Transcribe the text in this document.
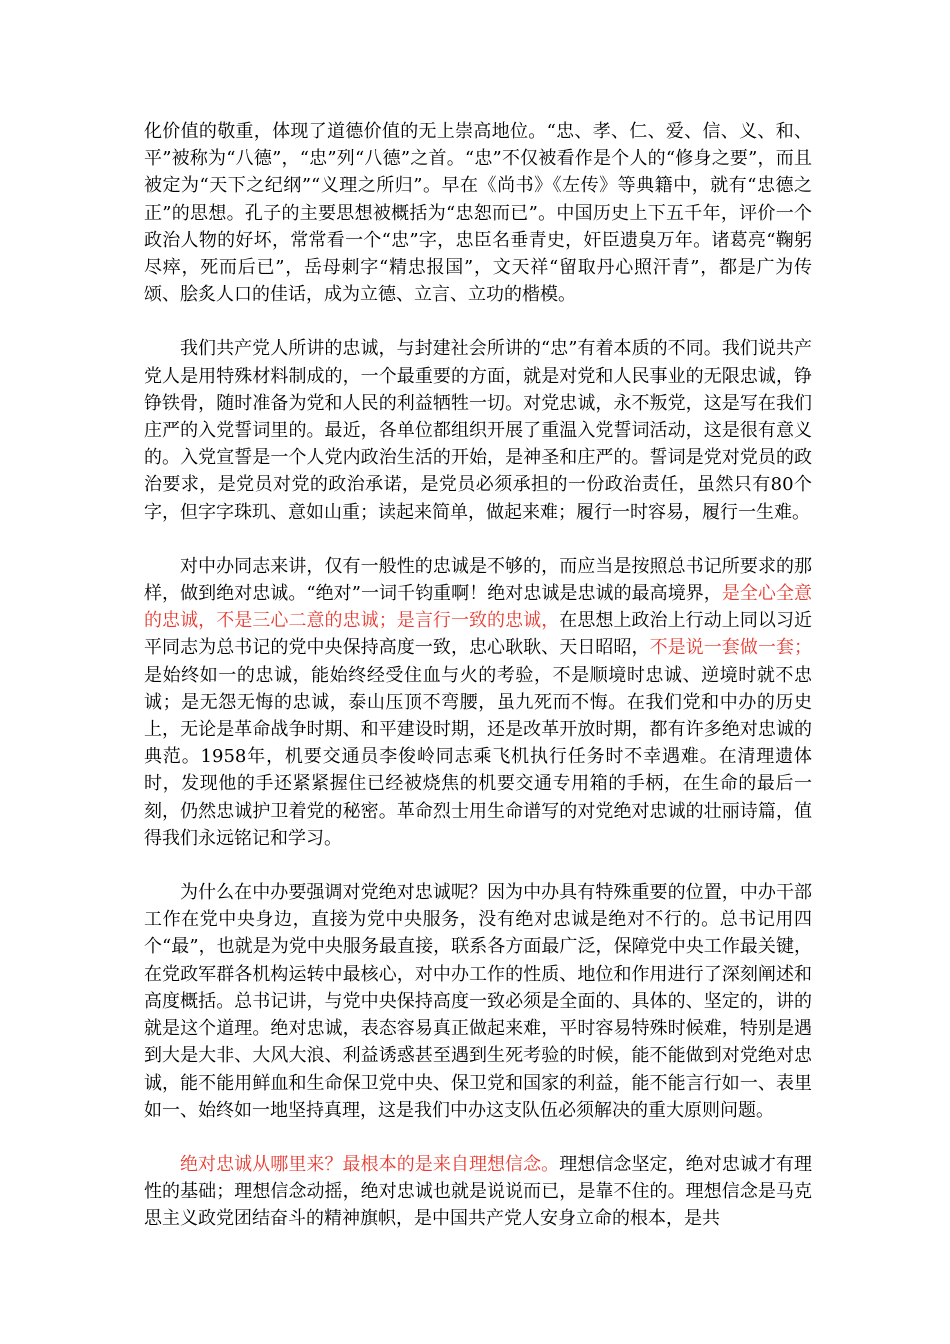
化价值的敬重，体现了道德价值的无上崇高地位。“忠、孝、仁、爱、信、义、和、平”被称为“八德”，“忠”列“八德”之首。“忠”不仅被看作是个人的“修身之要”，而且被定为“天下之纪纲”“义理之所归”。早在《尚书》《左传》等典籍中，就有“忠德之正”的思想。孔子的主要思想被概括为“忠恕而已”。中国历史上下五千年，评价一个政治人物的好坏，常常看一个“忠”字，忠臣名垂青史，奸臣遗臭万年。诸葛亮“鞠躬尽瘁，死而后已”，岳母刺字“精忠报国”，文天祥“留取丹心照汗青”，都是广为传颂、脍炙人口的佳话，成为立德、立言、立功的楷模。

我们共产党人所讲的忠诚，与封建社会所讲的“忠”有着本质的不同。我们说共产党人是用特殊材料制成的，一个最重要的方面，就是对党和人民事业的无限忠诚，铮铮铁骨，随时准备为党和人民的利益牺牲一切。对党忠诚，永不叛党，这是写在我们庄严的入党誓词里的。最近，各单位都组织开展了重温入党誓词活动，这是很有意义的。入党宣誓是一个人党内政治生活的开始，是神圣和庄严的。誓词是党对党员的政治要求，是党员对党的政治承诺，是党员必须承担的一份政治责任，虽然只有80个字，但字字珠玑、意如山重；读起来简单，做起来难；履行一时容易，履行一生难。

对中办同志来讲，仅有一般性的忠诚是不够的，而应当是按照总书记所要求的那样，做到绝对忠诚。“绝对”一词千钧重啊！绝对忠诚是忠诚的最高境界，是全心全意的忠诚，不是三心二意的忠诚；是言行一致的忠诚，在思想上政治上行动上同以习近平同志为总书记的党中央保持高度一致，忠心耿耿、天日昭昭，不是说一套做一套；是始终如一的忠诚，能始终经受住血与火的考验，不是顺境时忠诚、逆境时就不忠诚；是无怨无悔的忠诚，泰山压顶不弯腰，虽九死而不悔。在我们党和中办的历史上，无论是革命战争时期、和平建设时期，还是改革开放时期，都有许多绝对忠诚的典范。1958年，机要交通员李俊岭同志乘飞机执行任务时不幸遇难。在清理遗体时，发现他的手还紧紧握住已经被烧焦的机要交通专用箱的手柄，在生命的最后一刻，仍然忠诚护卫着党的秘密。革命烈士用生命谱写的对党绝对忠诚的壮丽诗篇，值得我们永远铭记和学习。

为什么在中办要强调对党绝对忠诚呢？因为中办具有特殊重要的位置，中办干部工作在党中央身边，直接为党中央服务，没有绝对忠诚是绝对不行的。总书记用四个“最”，也就是为党中央服务最直接，联系各方面最广泛，保障党中央工作最关键，在党政军群各机构运转中最核心，对中办工作的性质、地位和作用进行了深刻阐述和高度概括。总书记讲，与党中央保持高度一致必须是全面的、具体的、坚定的，讲的就是这个道理。绝对忠诚，表态容易真正做起来难，平时容易特殊时候难，特别是遇到大是大非、大风大浪、利益诱惑甚至遇到生死考验的时候，能不能做到对党绝对忠诚，能不能用鲜血和生命保卫党中央、保卫党和国家的利益，能不能言行如一、表里如一、始终如一地坚持真理，这是我们中办这支队伍必须解决的重大原则问题。

绝对忠诚从哪里来？最根本的是来自理想信念。理想信念坚定，绝对忠诚才有理性的基础；理想信念动摇，绝对忠诚也就是说说而已，是靠不住的。理想信念是马克思主义政党团结奋斗的精神旗帜，是中国共产党人安身立命的根本，是共
